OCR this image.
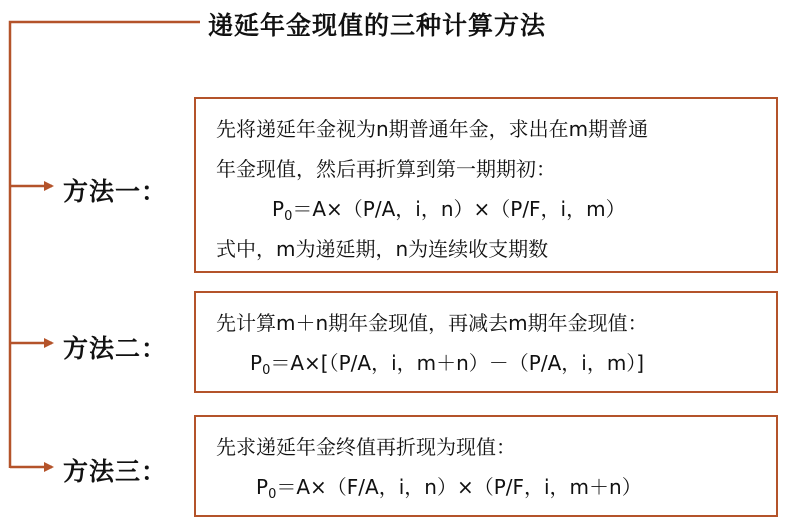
递延年金现值的三种计算方法
方法一：
先将递延年金视为n期普通年金，求出在m期普通
年金现值，然后再折算到第一期期初：
$P_0=A\times(P/A$，i，n）×（P/F，i，m）
式中，m为递延期，n为连续收支期数
方法二：
先计算m＋n期年金现值，再减去m期年金现值：
$P_0=A\times[(P/A$，i，m＋n）－（P/A，i，m）]
方法三：
先求递延年金终值再折现为现值：
$P_0=A\times(F/A$，i，n）×（P/F，i，m＋n）
